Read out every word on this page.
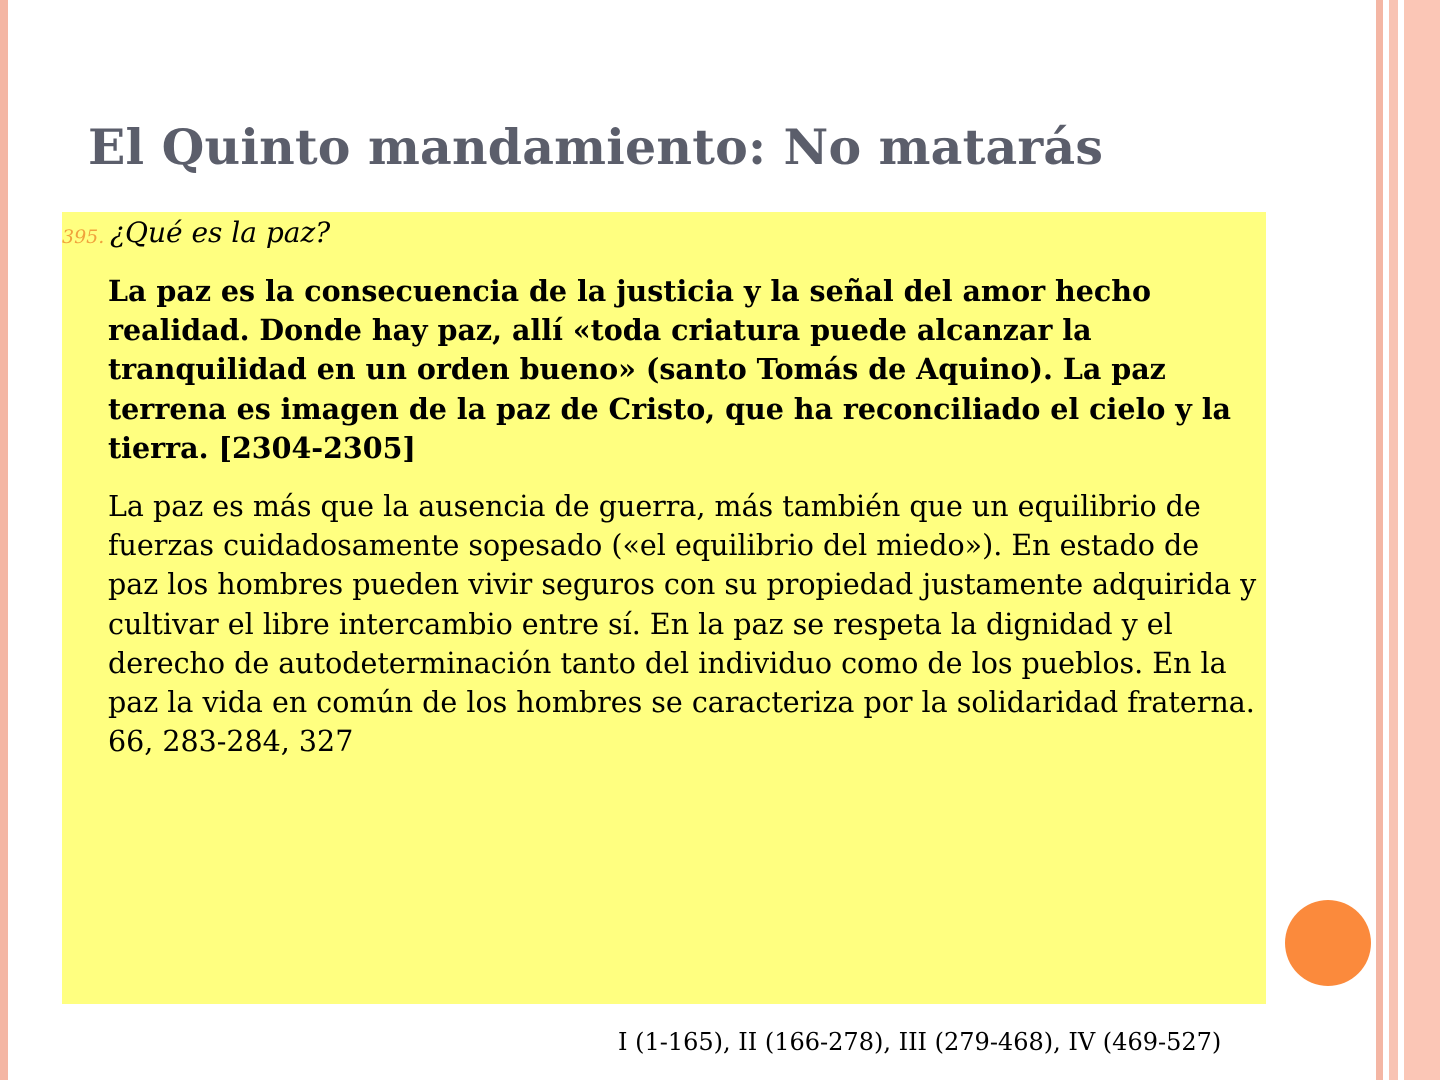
El Quinto mandamiento: No matarás
395. ¿Qué es la paz?

La paz es la consecuencia de la justicia y la señal del amor hecho realidad. Donde hay paz, allí «toda criatura puede alcanzar la tranquilidad en un orden bueno» (santo Tomás de Aquino). La paz terrena es imagen de la paz de Cristo, que ha reconciliado el cielo y la tierra. [2304-2305]

La paz es más que la ausencia de guerra, más también que un equilibrio de fuerzas cuidadosamente sopesado («el equilibrio del miedo»). En estado de paz los hombres pueden vivir seguros con su propiedad justamente adquirida y cultivar el libre intercambio entre sí. En la paz se respeta la dignidad y el derecho de autodeterminación tanto del individuo como de los pueblos. En la paz la vida en común de los hombres se caracteriza por la solidaridad fraterna. 66, 283-284, 327

I (1-165), II (166-278), III (279-468), IV (469-527)
